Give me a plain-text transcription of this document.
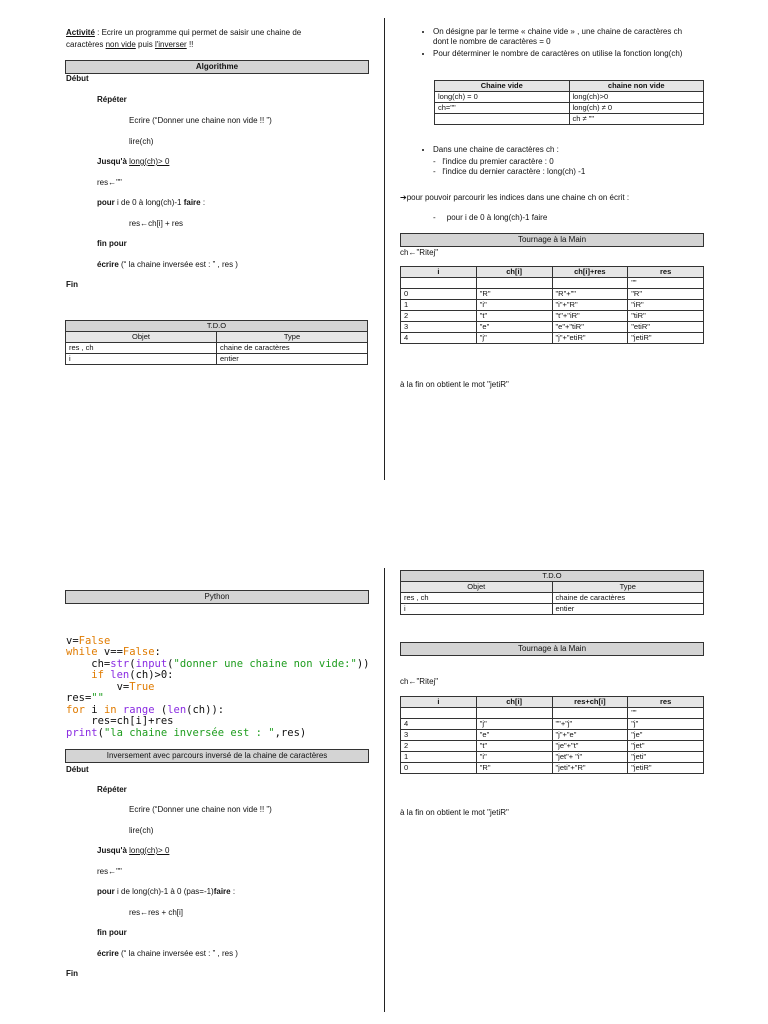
Activité : Ecrire un programme qui permet de saisir une chaine de
caractères non vide puis l'inverser !!
Algorithme
Début
Répéter
Ecrire (“Donner une chaine non vide !! ”)
lire(ch)
Jusqu'à long(ch)> 0
res←""
pour i de 0 à long(ch)-1 faire :
res←ch[i] + res
fin pour
écrire (“ la chaine inversée est : ” , res )
Fin
T.D.O	
Objet	Type
res , ch	chaine de caractères
i	entier
• On désigne par le terme « chaine vide » , une chaine de caractères ch dont le nombre de caractères = 0
• Pour déterminer le nombre de caractères on utilise la fonction long(ch)
Chaine vide	chaine non vide
long(ch) = 0	long(ch)>0
ch=""	long(ch) ≠ 0
	ch ≠ ""
• Dans une chaine de caractères ch :
-   l'indice du premier caractère : 0
-   l'indice du dernier caractère : long(ch) -1
➔pour pouvoir parcourir les indices dans une chaine ch on écrit :
-     pour i de 0 à long(ch)-1 faire
Tournage à la Main
ch←"Ritej"
i	ch[i]	ch[i]+res	res
			""
0	"R"	"R"+""	"R"
1	"i"	"i"+"R"	"iR"
2	"t"	"t"+"iR"	"tiR"
3	"e"	"e"+"tiR"	"etiR"
4	"j"	"j"+"etiR"	"jetiR"
à la fin on obtient le mot "jetiR"
Python

v=False
while v==False:
ch=str(input("donner une chaine non vide:"))
if len(ch)>0:
v=True
res=""
for i in range (len(ch)):
res=ch[i]+res
print("la chaine inversée est : ",res)

Inversement avec parcours inversé de la chaine de caractères
Début
Répéter
Ecrire (“Donner une chaine non vide !! ”)
lire(ch)
Jusqu'à long(ch)> 0
res←""
pour i de long(ch)-1 à 0 (pas=-1)faire :
res←res + ch[i]
fin pour
écrire (“ la chaine inversée est : ” , res )
Fin
T.D.O	
Objet	Type
res , ch	chaine de caractères
i	entier
Tournage à la Main
ch←"Ritej"
i	ch[i]	res+ch[i]	res
			""
4	"j"	""+"j"	"j"
3	"e"	"j"+"e"	"je"
2	"t"	"je"+"t"	"jet"
1	"i"	"jet"+ "i"	"jeti"
0	"R"	"jeti"+"R"	"jetiR"
à la fin on obtient le mot "jetiR"
